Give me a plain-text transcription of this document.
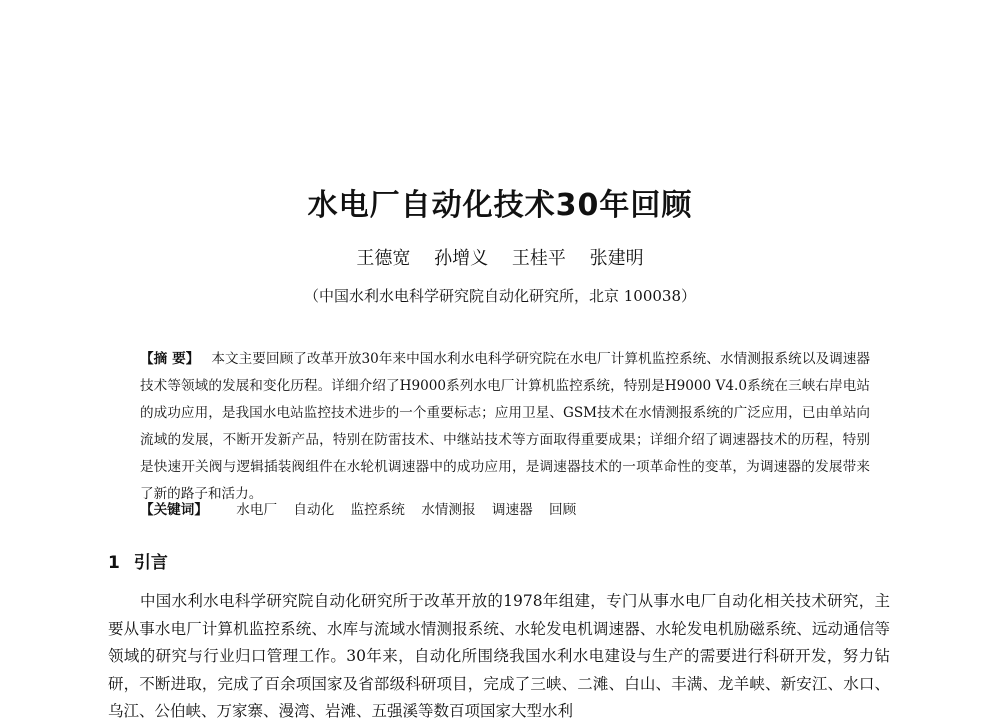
水电厂自动化技术30年回顾
王德宽 孙增义 王桂平 张建明
（中国水利水电科学研究院自动化研究所，北京 100038）
【摘 要】 本文主要回顾了改革开放30年来中国水利水电科学研究院在水电厂计算机监控系统、水情测报系统以及调速器技术等领域的发展和变化历程。详细介绍了H9000系列水电厂计算机监控系统，特别是H9000 V4.0系统在三峡右岸电站的成功应用，是我国水电站监控技术进步的一个重要标志；应用卫星、GSM技术在水情测报系统的广泛应用，已由单站向流域的发展，不断开发新产品，特别在防雷技术、中继站技术等方面取得重要成果；详细介绍了调速器技术的历程，特别是快速开关阀与逻辑插装阀组件在水轮机调速器中的成功应用，是调速器技术的一项革命性的变革，为调速器的发展带来了新的路子和活力。
【关键词】 水电厂 自动化 监控系统 水情测报 调速器 回顾
1 引言
中国水利水电科学研究院自动化研究所于改革开放的1978年组建，专门从事水电厂自动化相关技术研究，主要从事水电厂计算机监控系统、水库与流域水情测报系统、水轮发电机调速器、水轮发电机励磁系统、远动通信等领域的研究与行业归口管理工作。30年来，自动化所围绕我国水利水电建设与生产的需要进行科研开发，努力钻研，不断进取，完成了百余项国家及省部级科研项目，完成了三峡、二滩、白山、丰满、龙羊峡、新安江、水口、乌江、公伯峡、万家寨、漫湾、岩滩、五强溪等数百项国家大型水利
